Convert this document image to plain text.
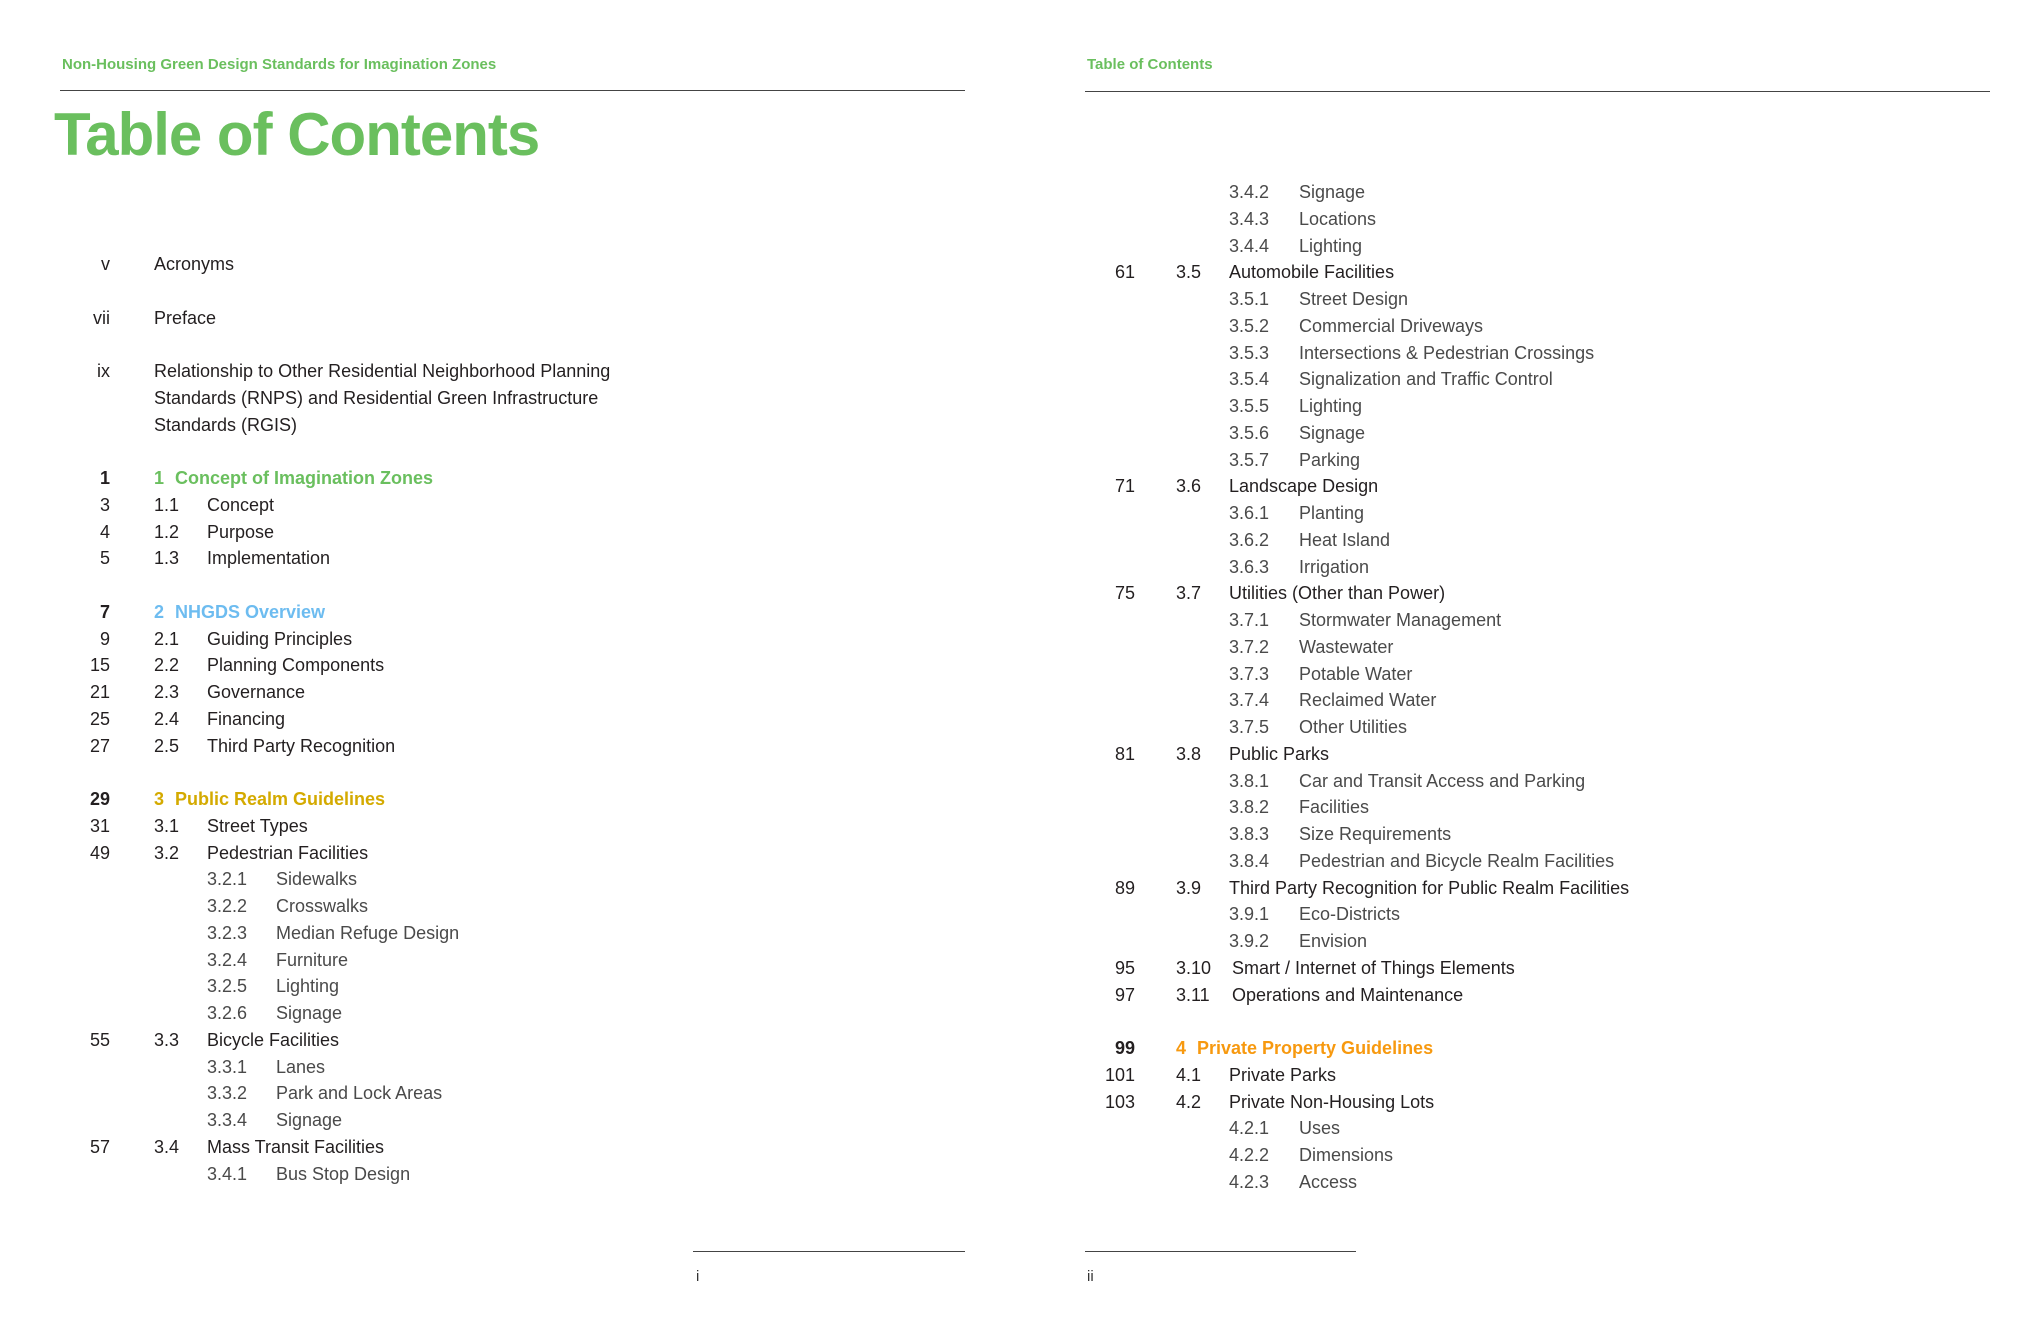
Non-Housing Green Design Standards for Imagination Zones
Table of Contents
v Acronyms
vii Preface
ix Relationship to Other Residential Neighborhood Planning
Standards (RNPS) and Residential Green Infrastructure
Standards (RGIS)
1 1 Concept of Imagination Zones
3 1.1 Concept
4 1.2 Purpose
5 1.3 Implementation
7 2 NHGDS Overview
9 2.1 Guiding Principles
15 2.2 Planning Components
21 2.3 Governance
25 2.4 Financing
27 2.5 Third Party Recognition
29 3 Public Realm Guidelines
31 3.1 Street Types
49 3.2 Pedestrian Facilities
3.2.1 Sidewalks
3.2.2 Crosswalks
3.2.3 Median Refuge Design
3.2.4 Furniture
3.2.5 Lighting
3.2.6 Signage
55 3.3 Bicycle Facilities
3.3.1 Lanes
3.3.2 Park and Lock Areas
3.3.4 Signage
57 3.4 Mass Transit Facilities
3.4.1 Bus Stop Design
i
Table of Contents
3.4.2 Signage
3.4.3 Locations
3.4.4 Lighting
61 3.5 Automobile Facilities
3.5.1 Street Design
3.5.2 Commercial Driveways
3.5.3 Intersections & Pedestrian Crossings
3.5.4 Signalization and Traffic Control
3.5.5 Lighting
3.5.6 Signage
3.5.7 Parking
71 3.6 Landscape Design
3.6.1 Planting
3.6.2 Heat Island
3.6.3 Irrigation
75 3.7 Utilities (Other than Power)
3.7.1 Stormwater Management
3.7.2 Wastewater
3.7.3 Potable Water
3.7.4 Reclaimed Water
3.7.5 Other Utilities
81 3.8 Public Parks
3.8.1 Car and Transit Access and Parking
3.8.2 Facilities
3.8.3 Size Requirements
3.8.4 Pedestrian and Bicycle Realm Facilities
89 3.9 Third Party Recognition for Public Realm Facilities
3.9.1 Eco-Districts
3.9.2 Envision
95 3.10 Smart / Internet of Things Elements
97 3.11 Operations and Maintenance
99 4 Private Property Guidelines
101 4.1 Private Parks
103 4.2 Private Non-Housing Lots
4.2.1 Uses
4.2.2 Dimensions
4.2.3 Access
ii
